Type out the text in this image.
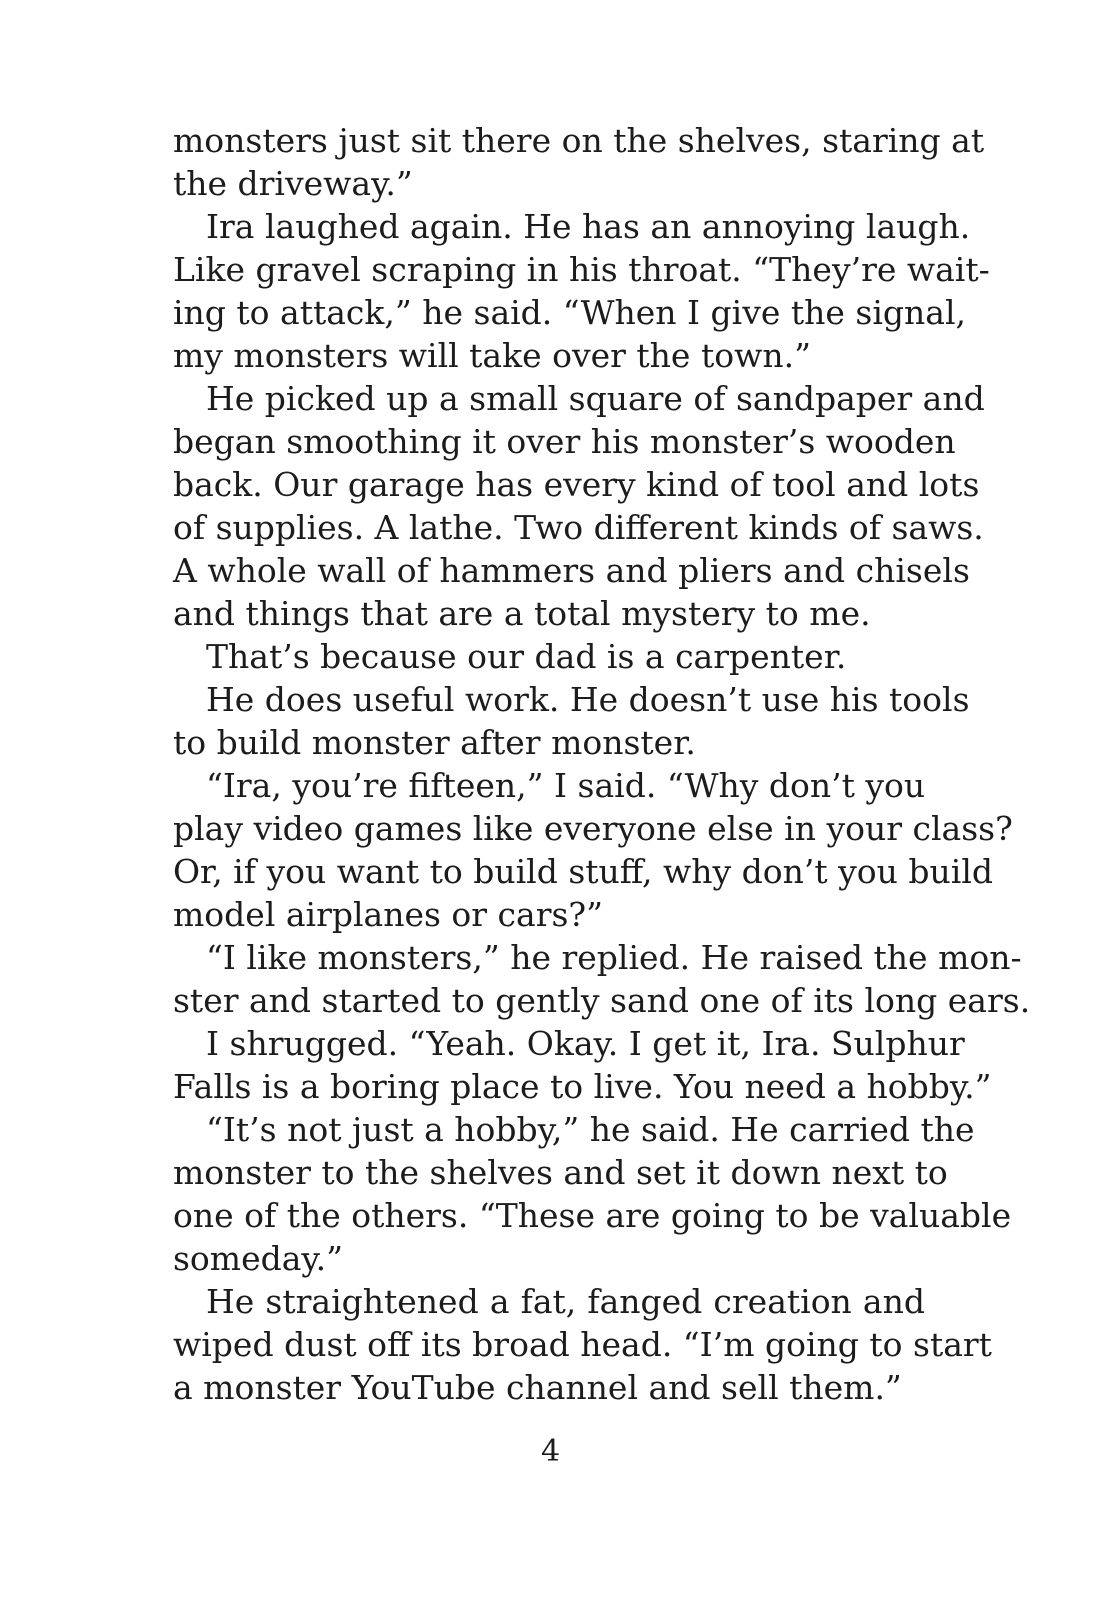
monsters just sit there on the shelves, staring at
the driveway.”
Ira laughed again. He has an annoying laugh.
Like gravel scraping in his throat. “They’re wait-
ing to attack,” he said. “When I give the signal,
my monsters will take over the town.”
He picked up a small square of sandpaper and
began smoothing it over his monster’s wooden
back. Our garage has every kind of tool and lots
of supplies. A lathe. Two different kinds of saws.
A whole wall of hammers and pliers and chisels
and things that are a total mystery to me.
That’s because our dad is a carpenter.
He does useful work. He doesn’t use his tools
to build monster after monster.
“Ira, you’re fifteen,” I said. “Why don’t you
play video games like everyone else in your class?
Or, if you want to build stuff, why don’t you build
model airplanes or cars?”
“I like monsters,” he replied. He raised the mon-
ster and started to gently sand one of its long ears.
I shrugged. “Yeah. Okay. I get it, Ira. Sulphur
Falls is a boring place to live. You need a hobby.”
“It’s not just a hobby,” he said. He carried the
monster to the shelves and set it down next to
one of the others. “These are going to be valuable
someday.”
He straightened a fat, fanged creation and
wiped dust off its broad head. “I’m going to start
a monster YouTube channel and sell them.”
4
